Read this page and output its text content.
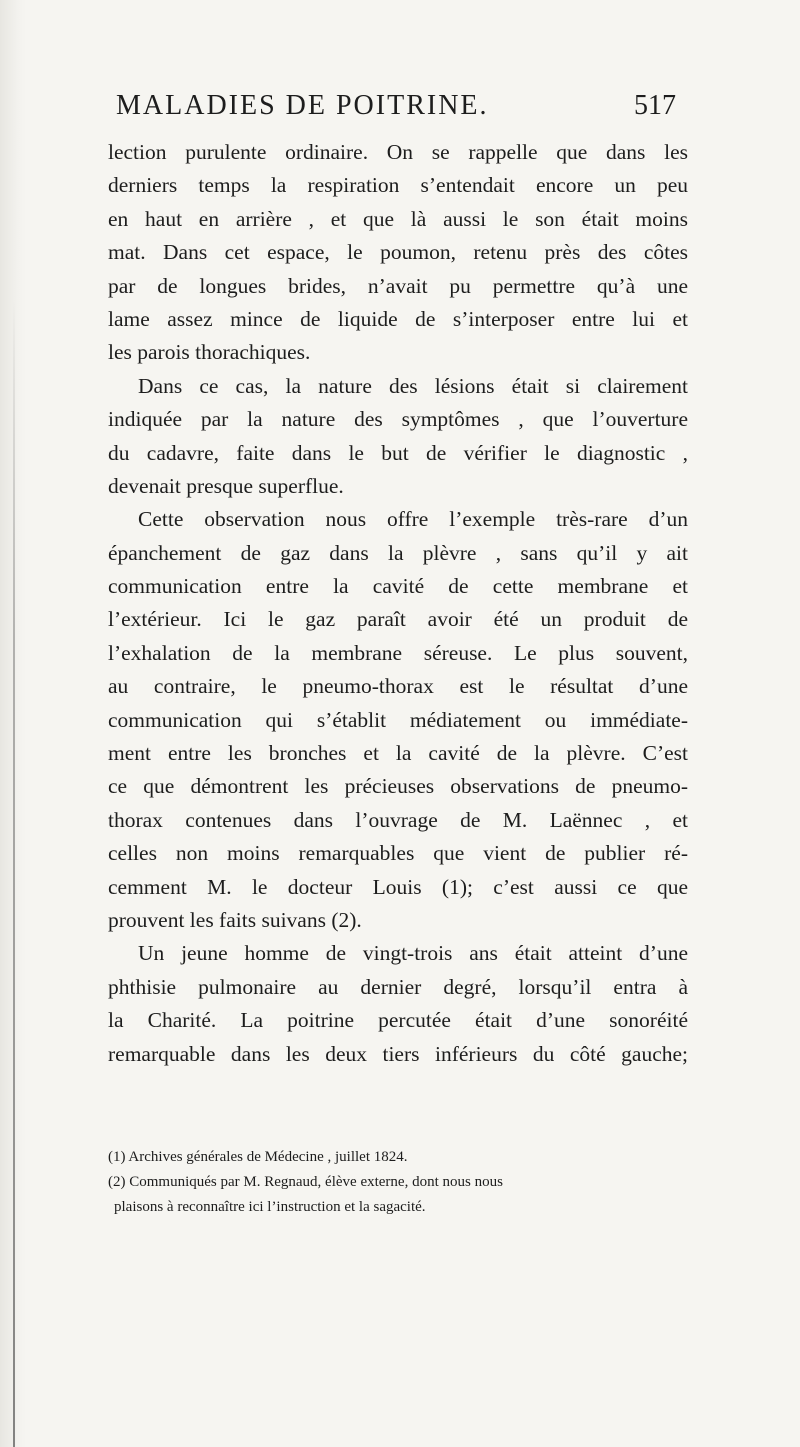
MALADIES DE POITRINE.	517
lection purulente ordinaire. On se rappelle que dans les
derniers temps la respiration s’entendait encore un peu
en haut en arrière , et que là aussi le son était moins
mat. Dans cet espace, le poumon, retenu près des côtes
par de longues brides, n’avait pu permettre qu’à une
lame assez mince de liquide de s’interposer entre lui et
les parois thorachiques.
Dans ce cas, la nature des lésions était si clairement
indiquée par la nature des symptômes , que l’ouverture
du cadavre, faite dans le but de vérifier le diagnostic ,
devenait presque superflue.
Cette observation nous offre l’exemple très-rare d’un
épanchement de gaz dans la plèvre , sans qu’il y ait
communication entre la cavité de cette membrane et
l’extérieur. Ici le gaz paraît avoir été un produit de
l’exhalation de la membrane séreuse. Le plus souvent,
au contraire, le pneumo-thorax est le résultat d’une
communication qui s’établit médiatement ou immédiate-
ment entre les bronches et la cavité de la plèvre. C’est
ce que démontrent les précieuses observations de pneumo-
thorax contenues dans l’ouvrage de M. Laënnec , et
celles non moins remarquables que vient de publier ré-
cemment M. le docteur Louis (1); c’est aussi ce que
prouvent les faits suivans (2).
Un jeune homme de vingt-trois ans était atteint d’une
phthisie pulmonaire au dernier degré, lorsqu’il entra à
la Charité. La poitrine percutée était d’une sonoréité
remarquable dans les deux tiers inférieurs du côté gauche;
(1) Archives générales de Médecine , juillet 1824.
(2) Communiqués par M. Regnaud, élève externe, dont nous nous
plaisons à reconnaître ici l’instruction et la sagacité.
